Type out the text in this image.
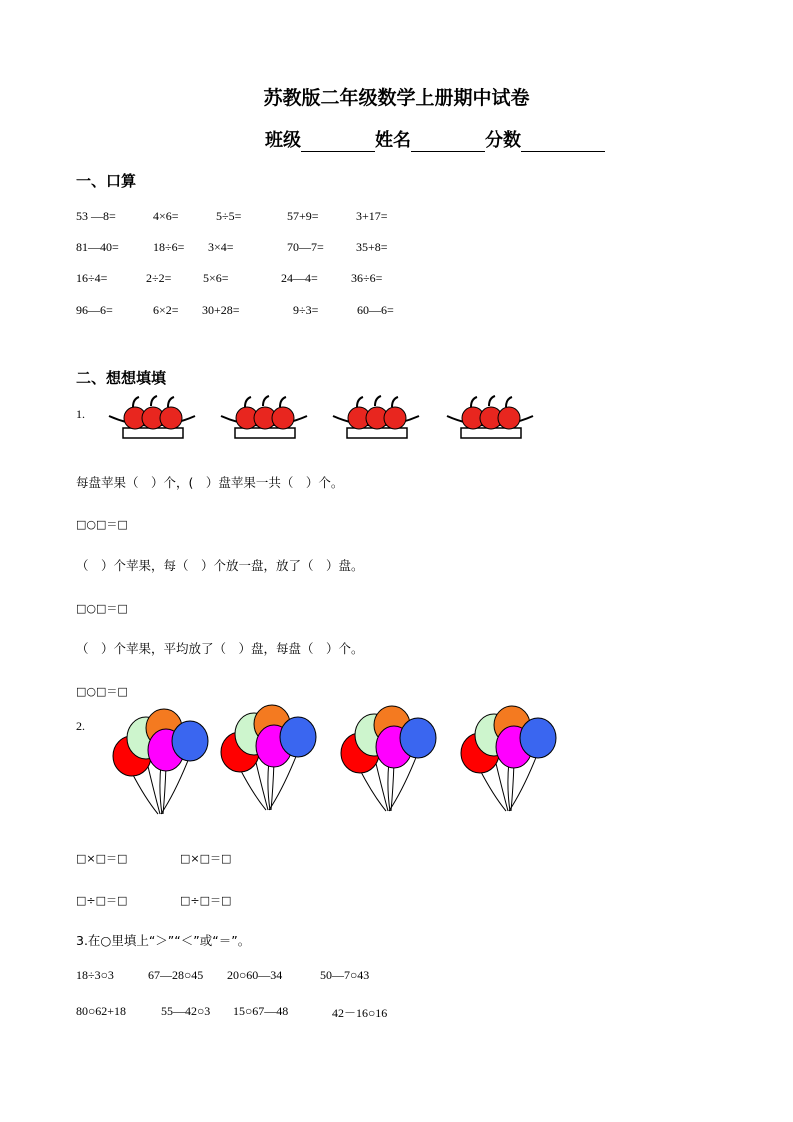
苏教版二年级数学上册期中试卷
班级	姓名	分数
一、口算
53 —8=	4×6=	5÷5=	57+9=	3+17=
81—40=	18÷6= 3×4=	70—7=	35+8=
16÷4=	2÷2=	5×6=	24—4=	36÷6=
96—6=	6×2= 30+28=	9÷3=	60—6=
二、想想填填
1.
每盘苹果（　）个，(　）盘苹果一共（　）个。
□○□＝□
（　）个苹果，每（　）个放一盘，放了（　）盘。
□○□＝□
（　）个苹果，平均放了（　）盘，每盘（　）个。
□○□＝□
2.
□×□＝□	□×□＝□
□÷□＝□	□÷□＝□
3.在○里填上“＞”“＜”或“＝”。
18÷3○3	67—28○45 20○60—34	50—7○43
80○62+18	55—42○3 15○67—48	42－16○16
